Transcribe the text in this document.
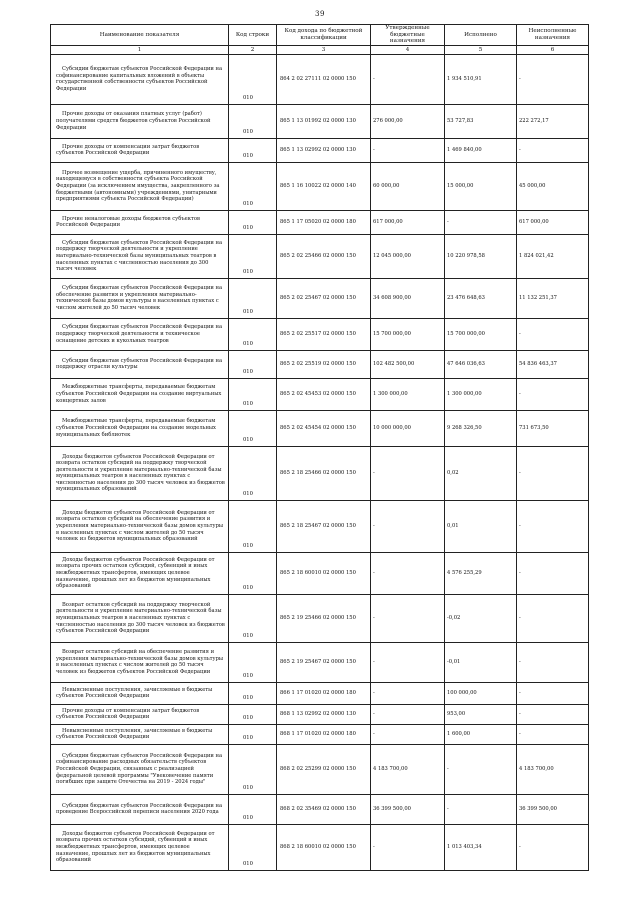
39
Наименование показателя	Код строки	Код дохода по бюджетной классификации	Утвержденные бюджетные назначения	Исполнено	Неисполненные назначения
1	2	3	4	5	6
Субсидии бюджетам субъектов Российской Федерации на софинансирование капитальных вложений в объекты государственной собственности субъектов Российской Федерации	010	864 2 02 27111 02 0000 150	-	1 934 510,91	-
Прочие доходы от оказания платных услуг (работ) получателями средств бюджетов субъектов Российской Федерации	010	865 1 13 01992 02 0000 130	276 000,00	53 727,83	222 272,17
Прочие доходы от компенсации затрат бюджетов субъектов Российской Федерации	010	865 1 13 02992 02 0000 130	-	1 469 840,00	-
Прочее возмещение ущерба, причиненного имуществу, находящемуся в собственности субъекта Российской Федерации (за исключением имущества, закрепленного за бюджетными (автономными) учреждениями, унитарными предприятиями субъекта Российской Федерации)	010	865 1 16 10022 02 0000 140	60 000,00	15 000,00	45 000,00
Прочие неналоговые доходы бюджетов субъектов Российской Федерации	010	865 1 17 05020 02 0000 180	617 000,00	-	617 000,00
Субсидии бюджетам субъектов Российской Федерации на поддержку творческой деятельности и укрепление материально-технической базы муниципальных театров в населенных пунктах с численностью населения до 300 тысяч человек	010	865 2 02 25466 02 0000 150	12 045 000,00	10 220 978,58	1 824 021,42
Субсидии бюджетам субъектов Российской Федерации на обеспечение развития и укрепления материально-технической базы домов культуры в населенных пунктах с числом жителей до 50 тысяч человек	010	865 2 02 25467 02 0000 150	34 608 900,00	23 476 648,63	11 132 251,37
Субсидии бюджетам субъектов Российской Федерации на поддержку творческой деятельности и техническое оснащение детских и кукольных театров	010	865 2 02 25517 02 0000 150	15 700 000,00	15 700 000,00	-
Субсидии бюджетам субъектов Российской Федерации на поддержку отрасли культуры	010	865 2 02 25519 02 0000 150	102 482 500,00	47 646 036,63	54 836 463,37
Межбюджетные трансферты, передаваемые бюджетам субъектов Российской Федерации на создание виртуальных концертных залов	010	865 2 02 45453 02 0000 150	1 300 000,00	1 300 000,00	-
Межбюджетные трансферты, передаваемые бюджетам субъектов Российской Федерации на создание модельных муниципальных библиотек	010	865 2 02 45454 02 0000 150	10 000 000,00	9 268 326,50	731 673,50
Доходы бюджетов субъектов Российской Федерации от возврата остатков субсидий на поддержку творческой деятельности и укрепление материально-технической базы муниципальных театров в населенных пунктах с численностью населения до 300 тысяч человек из бюджетов муниципальных образований	010	865 2 18 25466 02 0000 150	-	0,02	-
Доходы бюджетов субъектов Российской Федерации от возврата остатков субсидий на обеспечение развития и укрепления материально-технической базы домов культуры в населенных пунктах с числом жителей до 50 тысяч человек из бюджетов муниципальных образований	010	865 2 18 25467 02 0000 150	-	0,01	-
Доходы бюджетов субъектов Российской Федерации от возврата прочих остатков субсидий, субвенций и иных межбюджетных трансфертов, имеющих целевое назначение, прошлых лет из бюджетов муниципальных образований	010	865 2 18 60010 02 0000 150	-	4 576 255,29	-
Возврат остатков субсидий на поддержку творческой деятельности и укрепление материально-технической базы муниципальных театров в населенных пунктах с численностью населения до 300 тысяч человек из бюджетов субъектов Российской Федерации	010	865 2 19 25466 02 0000 150	-	-0,02	-
Возврат остатков субсидий на обеспечение развития и укрепления материально-технической базы домов культуры в населенных пунктах с числом жителей до 50 тысяч человек из бюджетов субъектов Российской Федерации	010	865 2 19 25467 02 0000 150	-	-0,01	-
Невыясненные поступления, зачисляемые в бюджеты субъектов Российской Федерации	010	866 1 17 01020 02 0000 180	-	100 000,00	-
Прочие доходы от компенсации затрат бюджетов субъектов Российской Федерации	010	868 1 13 02992 02 0000 130	-	953,00	-
Невыясненные поступления, зачисляемые в бюджеты субъектов Российской Федерации	010	868 1 17 01020 02 0000 180	-	1 600,00	-
Субсидии бюджетам субъектов Российской Федерации на софинансирование расходных обязательств субъектов Российской Федерации, связанных с реализацией федеральной целевой программы "Увековечение памяти погибших при защите Отечества на 2019 - 2024 годы"	010	868 2 02 25299 02 0000 150	4 183 700,00	-	4 183 700,00
Субсидии бюджетам субъектов Российской Федерации на проведение Всероссийской переписи населения 2020 года	010	868 2 02 35469 02 0000 150	36 399 500,00	-	36 399 500,00
Доходы бюджетов субъектов Российской Федерации от возврата прочих остатков субсидий, субвенций и иных межбюджетных трансфертов, имеющих целевое назначение, прошлых лет из бюджетов муниципальных образований	010	868 2 18 60010 02 0000 150	-	1 013 403,34	-
